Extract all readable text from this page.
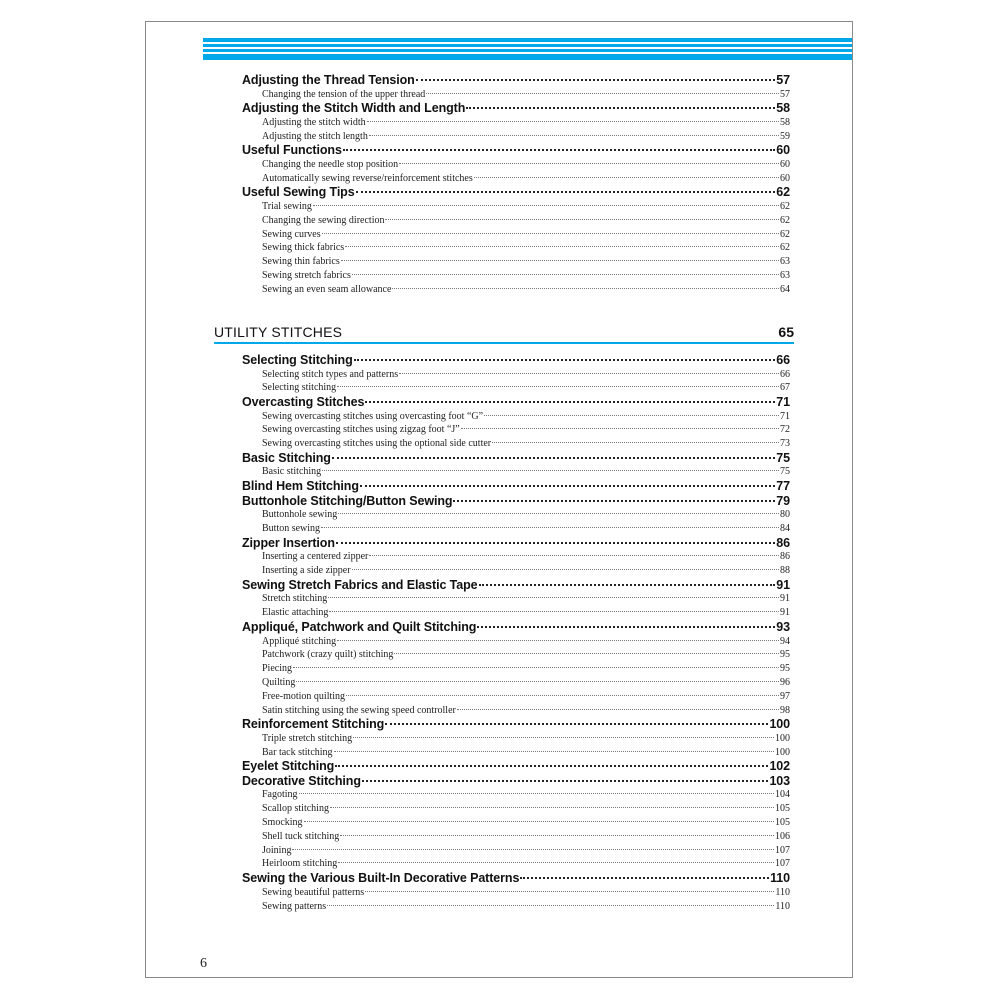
Adjusting the Thread Tension	57
Changing the tension of the upper thread	57
Adjusting the Stitch Width and Length	58
Adjusting the stitch width	58
Adjusting the stitch length	59
Useful Functions	60
Changing the needle stop position	60
Automatically sewing reverse/reinforcement stitches	60
Useful Sewing Tips	62
Trial sewing	62
Changing the sewing direction	62
Sewing curves	62
Sewing thick fabrics	62
Sewing thin fabrics	63
Sewing stretch fabrics	63
Sewing an even seam allowance	64
UTILITY STITCHES	65
Selecting Stitching	66
Selecting stitch types and patterns	66
Selecting stitching	67
Overcasting Stitches	71
Sewing overcasting stitches using overcasting foot “G”	71
Sewing overcasting stitches using zigzag foot “J”	72
Sewing overcasting stitches using the optional side cutter	73
Basic Stitching	75
Basic stitching	75
Blind Hem Stitching	77
Buttonhole Stitching/Button Sewing	79
Buttonhole sewing	80
Button sewing	84
Zipper Insertion	86
Inserting a centered zipper	86
Inserting a side zipper	88
Sewing Stretch Fabrics and Elastic Tape	91
Stretch stitching	91
Elastic attaching	91
Appliqué, Patchwork and Quilt Stitching	93
Appliqué stitching	94
Patchwork (crazy quilt) stitching	95
Piecing	95
Quilting	96
Free-motion quilting	97
Satin stitching using the sewing speed controller	98
Reinforcement Stitching	100
Triple stretch stitching	100
Bar tack stitching	100
Eyelet Stitching	102
Decorative Stitching	103
Fagoting	104
Scallop stitching	105
Smocking	105
Shell tuck stitching	106
Joining	107
Heirloom stitching	107
Sewing the Various Built-In Decorative Patterns	110
Sewing beautiful patterns	110
Sewing patterns	110
6
